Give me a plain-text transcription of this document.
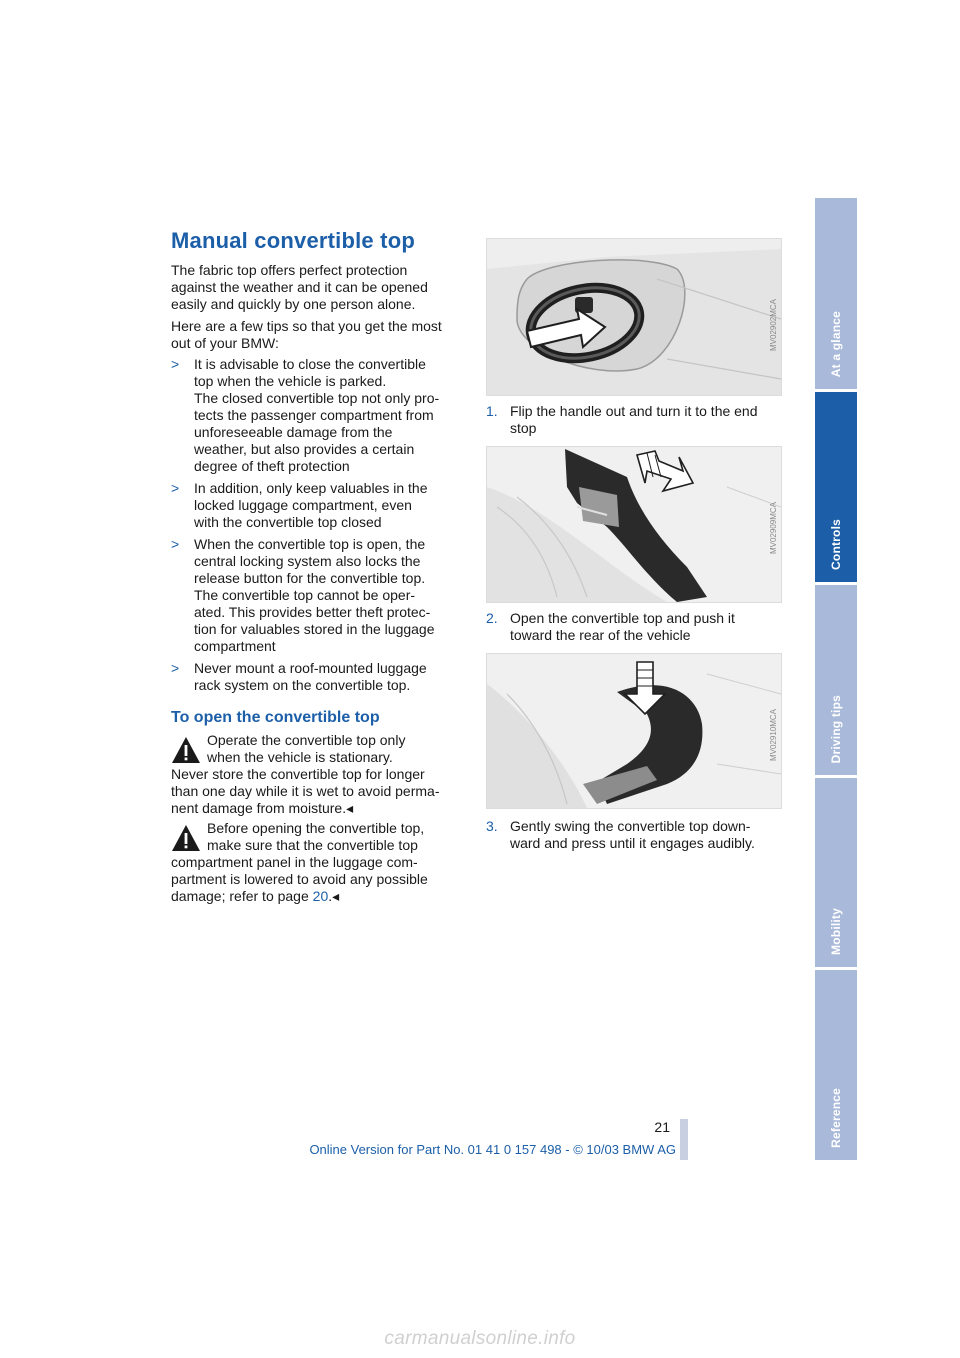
Manual convertible top
The fabric top offers perfect protection
against the weather and it can be opened
easily and quickly by one person alone.
Here are a few tips so that you get the most
out of your BMW:
> It is advisable to close the convertible
top when the vehicle is parked.
The closed convertible top not only pro-
tects the passenger compartment from
unforeseeable damage from the
weather, but also provides a certain
degree of theft protection
> In addition, only keep valuables in the
locked luggage compartment, even
with the convertible top closed
> When the convertible top is open, the
central locking system also locks the
release button for the convertible top.
The convertible top cannot be oper-
ated. This provides better theft protec-
tion for valuables stored in the luggage
compartment
> Never mount a roof-mounted luggage
rack system on the convertible top.
To open the convertible top
Operate the convertible top only
when the vehicle is stationary.
Never store the convertible top for longer
than one day while it is wet to avoid perma-
nent damage from moisture.◂
Before opening the convertible top,
make sure that the convertible top
compartment panel in the luggage com-
partment is lowered to avoid any possible
damage; refer to page 20.◂
MV02902MCA
1. Flip the handle out and turn it to the end
stop
MV02909MCA
2. Open the convertible top and push it
toward the rear of the vehicle
MV02910MCA
3. Gently swing the convertible top down-
ward and press until it engages audibly.
At a glance
Controls
Driving tips
Mobility
Reference
21
Online Version for Part No. 01 41 0 157 498 - © 10/03 BMW AG
carmanualsonline.info
